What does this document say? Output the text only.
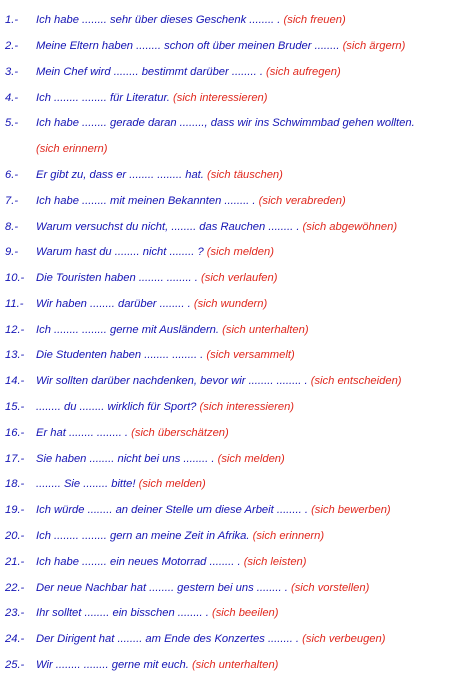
1.- Ich habe ........ sehr über dieses Geschenk ........ . (sich freuen)
2.- Meine Eltern haben ........ schon oft über meinen Bruder ........ (sich ärgern)
3.- Mein Chef wird ........ bestimmt darüber ........ . (sich aufregen)
4.- Ich ........ ........ für Literatur. (sich interessieren)
5.- Ich habe ........ gerade daran ........, dass wir ins Schwimmbad gehen wollten.
(sich erinnern)
6.- Er gibt zu, dass er ........ ........ hat. (sich täuschen)
7.- Ich habe ........ mit meinen Bekannten ........ . (sich verabreden)
8.- Warum versuchst du nicht, ........ das Rauchen ........ . (sich abgewöhnen)
9.- Warum hast du ........ nicht ........ ? (sich melden)
10.- Die Touristen haben ........ ........ . (sich verlaufen)
11.- Wir haben ........ darüber ........ . (sich wundern)
12.- Ich ........ ........ gerne mit Ausländern. (sich unterhalten)
13.- Die Studenten haben ........ ........ . (sich versammelt)
14.- Wir sollten darüber nachdenken, bevor wir ........ ........ . (sich entscheiden)
15.- ........ du ........ wirklich für Sport? (sich interessieren)
16.- Er hat ........ ........ . (sich überschätzen)
17.- Sie haben ........ nicht bei uns ........ . (sich melden)
18.- ........ Sie ........ bitte! (sich melden)
19.- Ich würde ........ an deiner Stelle um diese Arbeit ........ . (sich bewerben)
20.- Ich ........ ........ gern an meine Zeit in Afrika. (sich erinnern)
21.- Ich habe ........ ein neues Motorrad ........ . (sich leisten)
22.- Der neue Nachbar hat ........ gestern bei uns ........ . (sich vorstellen)
23.- Ihr solltet ........ ein bisschen ........ . (sich beeilen)
24.- Der Dirigent hat ........ am Ende des Konzertes ........ . (sich verbeugen)
25.- Wir ........ ........ gerne mit euch. (sich unterhalten)
